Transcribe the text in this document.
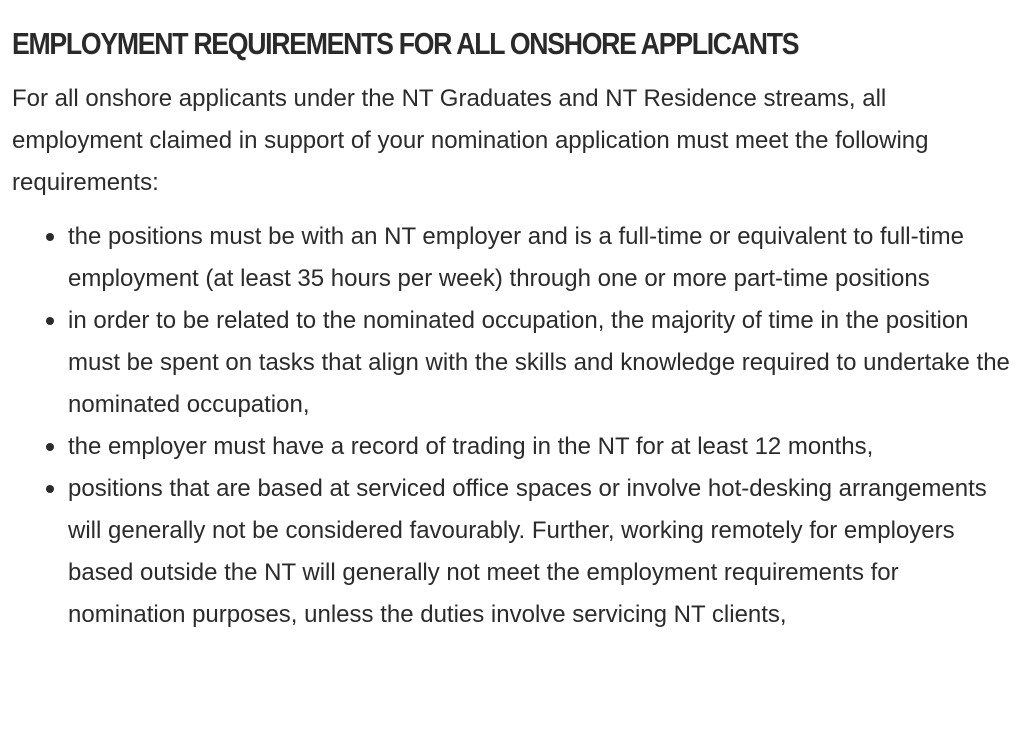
EMPLOYMENT REQUIREMENTS FOR ALL ONSHORE APPLICANTS

For all onshore applicants under the NT Graduates and NT Residence streams, all employment claimed in support of your nomination application must meet the following requirements:

the positions must be with an NT employer and is a full-time or equivalent to full-time employment (at least 35 hours per week) through one or more part-time positions
in order to be related to the nominated occupation, the majority of time in the position must be spent on tasks that align with the skills and knowledge required to undertake the nominated occupation,
the employer must have a record of trading in the NT for at least 12 months,
positions that are based at serviced office spaces or involve hot-desking arrangements will generally not be considered favourably. Further, working remotely for employers based outside the NT will generally not meet the employment requirements for nomination purposes, unless the duties involve servicing NT clients,
